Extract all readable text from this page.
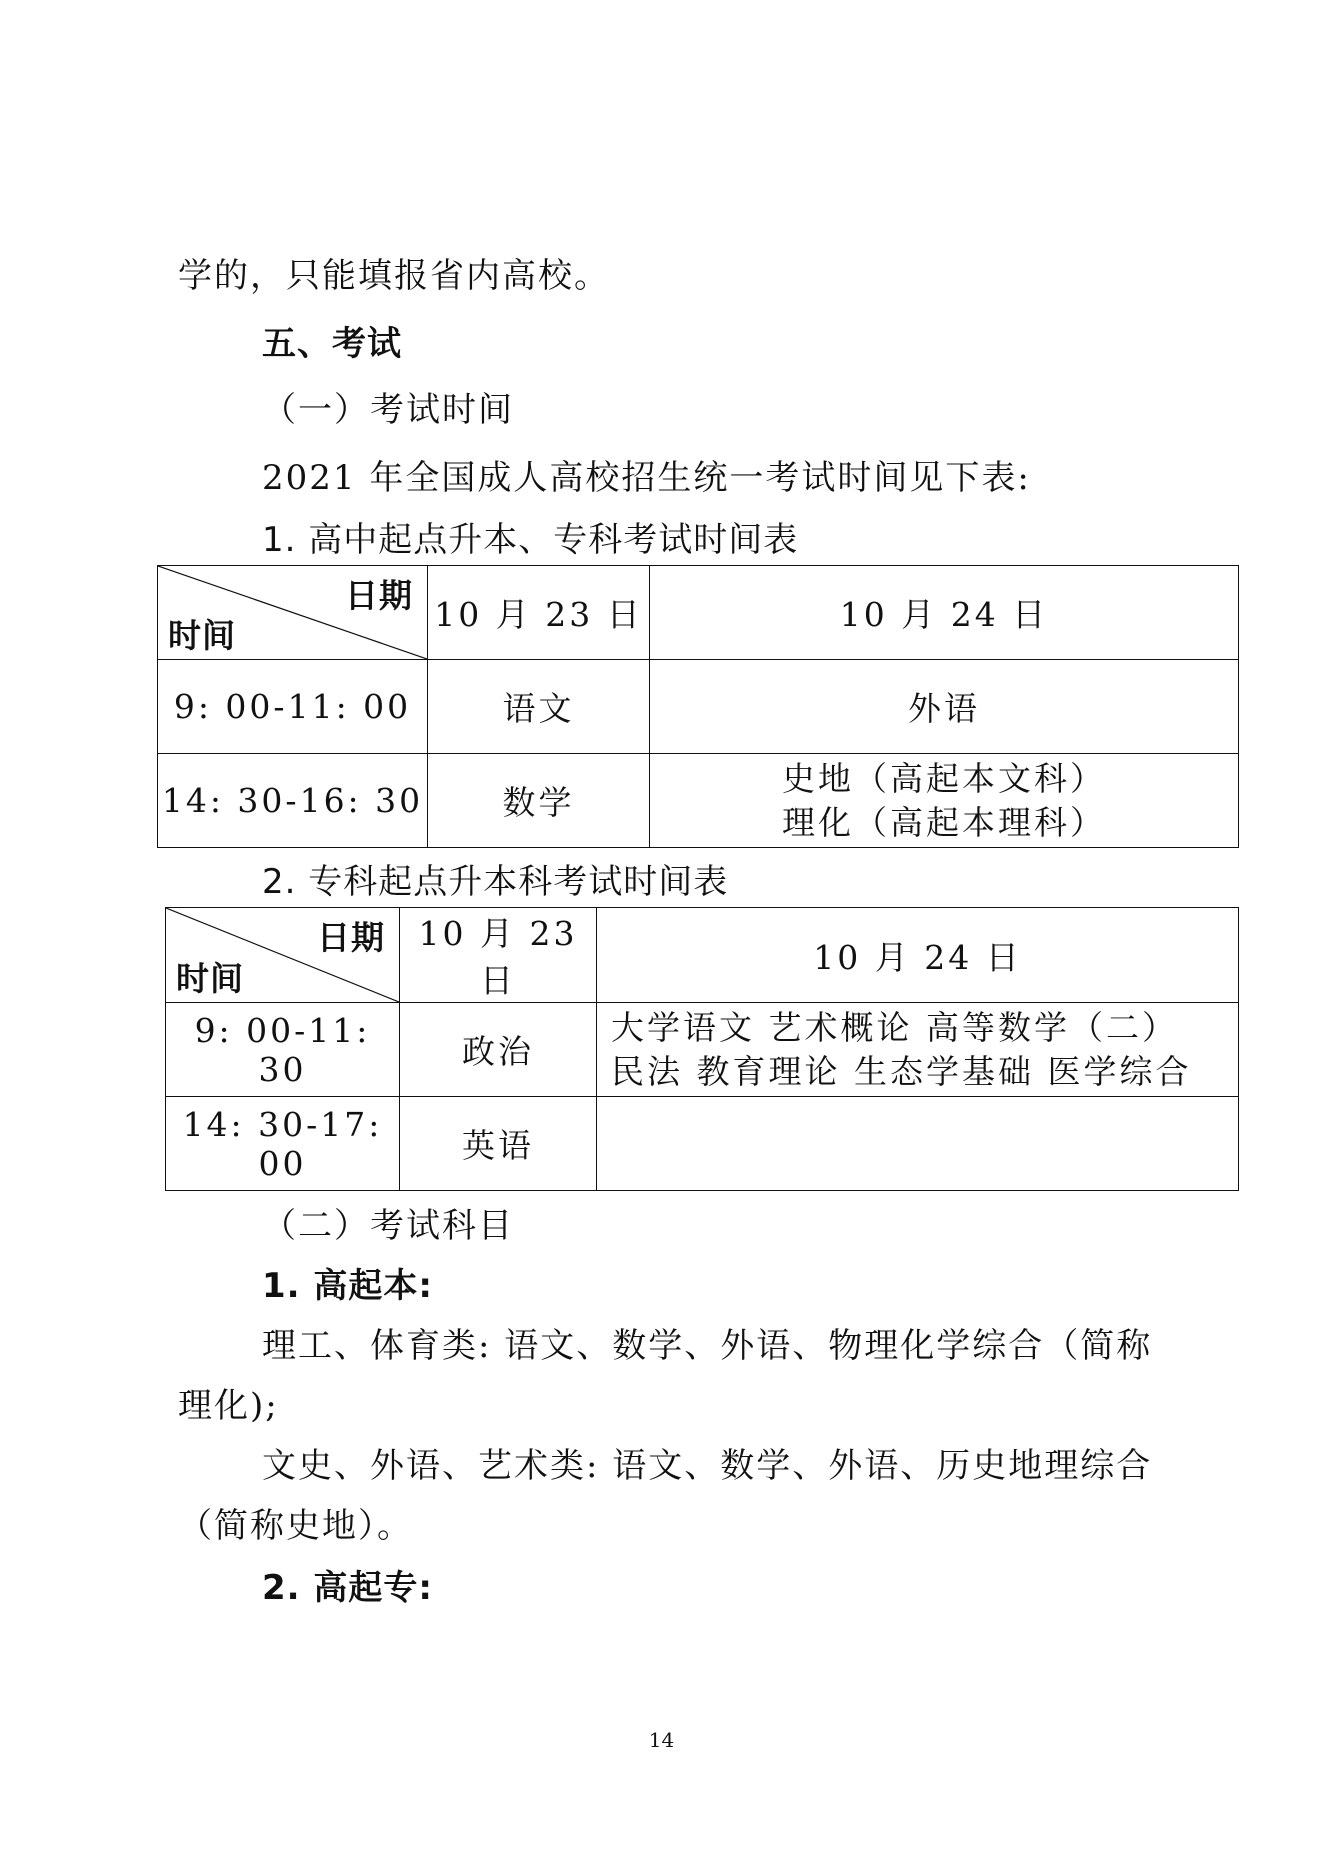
学的，只能填报省内高校。
五、考试
（一）考试时间
2021 年全国成人高校招生统一考试时间见下表:
1. 高中起点升本、专科考试时间表
日期
时间	10 月 23 日	10 月 24 日
9: 00-11: 00	语文	外语
14: 30-16: 30	数学	史地（高起本文科）
理化（高起本理科）
2. 专科起点升本科考试时间表
日期
时间	10 月 23 日	10 月 24 日
9: 00-11: 30	政治	大学语文 艺术概论 高等数学（二）
民法 教育理论 生态学基础 医学综合

14: 30-17: 00	英语	
（二）考试科目
1. 高起本:
理工、体育类: 语文、数学、外语、物理化学综合（简称
理化);
文史、外语、艺术类: 语文、数学、外语、历史地理综合
（简称史地）。
2. 高起专:
14
